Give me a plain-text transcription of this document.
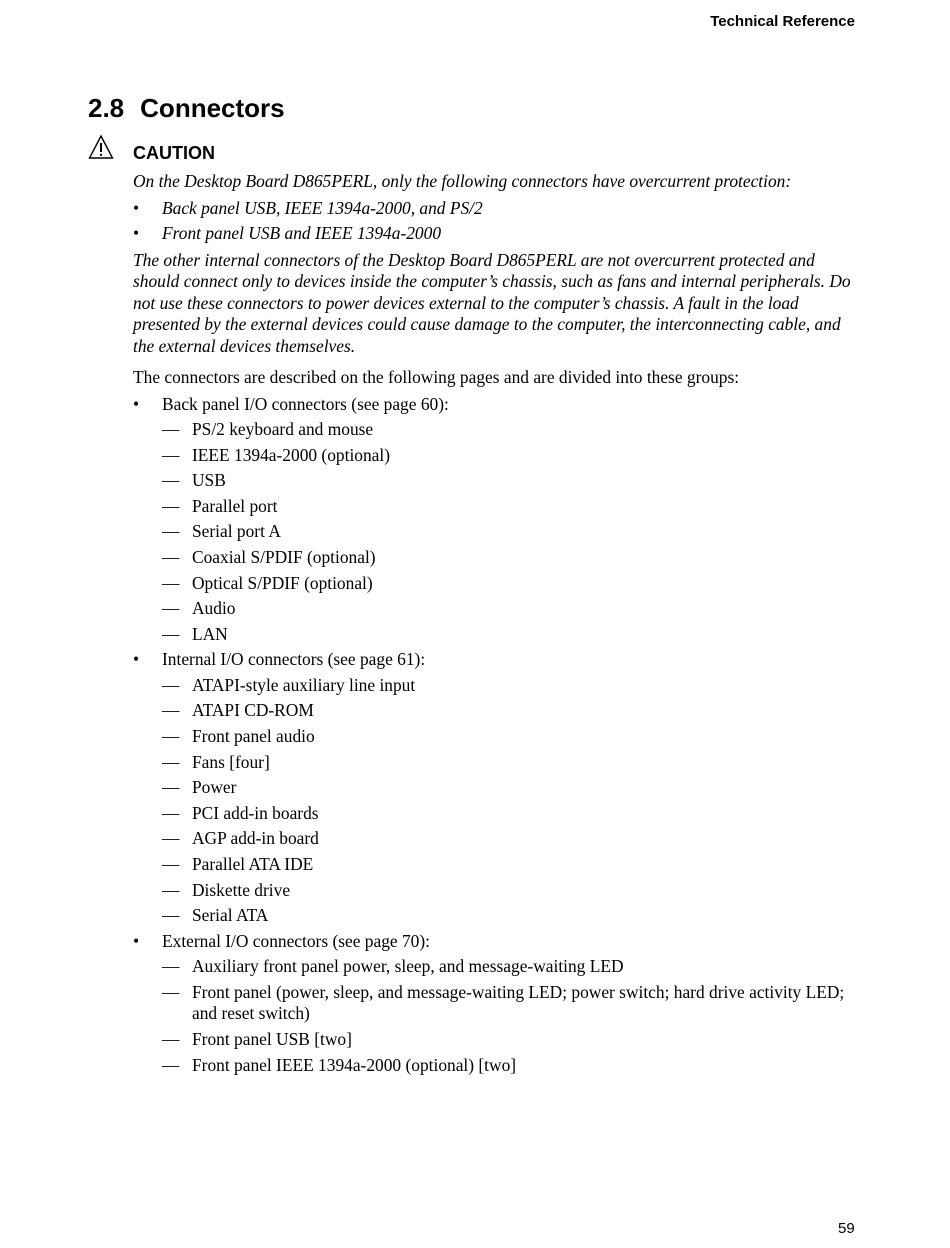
Technical Reference
2.8 Connectors
CAUTION

On the Desktop Board D865PERL, only the following connectors have overcurrent protection:

• Back panel USB, IEEE 1394a-2000, and PS/2
• Front panel USB and IEEE 1394a-2000

The other internal connectors of the Desktop Board D865PERL are not overcurrent protected and should connect only to devices inside the computer’s chassis, such as fans and internal peripherals. Do not use these connectors to power devices external to the computer’s chassis. A fault in the load presented by the external devices could cause damage to the computer, the interconnecting cable, and the external devices themselves.

The connectors are described on the following pages and are divided into these groups:

• Back panel I/O connectors (see page 60):
— PS/2 keyboard and mouse
— IEEE 1394a-2000 (optional)
— USB
— Parallel port
— Serial port A
— Coaxial S/PDIF (optional)
— Optical S/PDIF (optional)
— Audio
— LAN
• Internal I/O connectors (see page 61):
— ATAPI-style auxiliary line input
— ATAPI CD-ROM
— Front panel audio
— Fans [four]
— Power
— PCI add-in boards
— AGP add-in board
— Parallel ATA IDE
— Diskette drive
— Serial ATA
• External I/O connectors (see page 70):
— Auxiliary front panel power, sleep, and message-waiting LED
— Front panel (power, sleep, and message-waiting LED; power switch; hard drive activity LED; and reset switch)
— Front panel USB [two]
— Front panel IEEE 1394a-2000 (optional) [two]
59
